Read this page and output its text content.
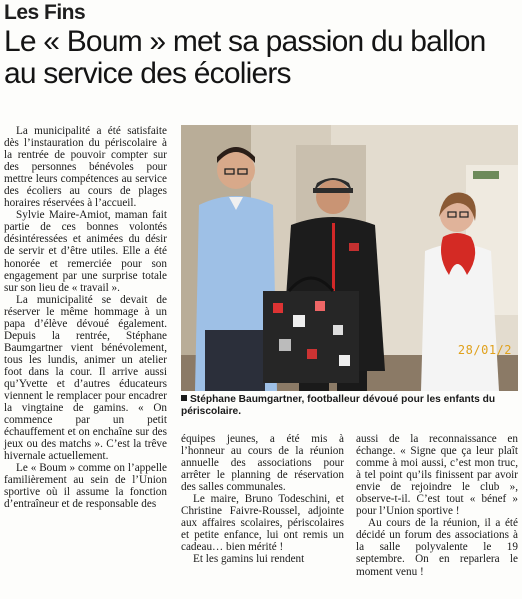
Les Fins
Le « Boum » met sa passion du ballon au service des écoliers

La municipalité a été satisfaite dès l’instauration du périscolaire à la rentrée de pouvoir compter sur des personnes bénévoles pour mettre leurs compétences au service des écoliers au cours de plages horaires réservées à l’accueil.

Sylvie Maire-Amiot, maman fait partie de ces bonnes volontés désintéressées et animées du désir de servir et d’être utiles. Elle a été honorée et remerciée pour son engagement par une surprise totale sur son lieu de « travail ».

La municipalité se devait de réserver le même hommage à un papa d’élève dévoué également. Depuis la rentrée, Stéphane Baumgartner vient bénévolement, tous les lundis, animer un atelier foot dans la cour. Il arrive aussi qu’Yvette et d’autres éducateurs viennent le remplacer pour encadrer la vingtaine de gamins. « On commence par un petit échauffement et on enchaîne sur des jeux ou des matchs ». C’est la trêve hivernale actuellement.

Le « Boum » comme on l’appelle familièrement au sein de l’Union sportive où il assume la fonction d’entraîneur et de responsable des

28/01/2
Stéphane Baumgartner, footballeur dévoué pour les enfants du périscolaire.

équipes jeunes, a été mis à l’honneur au cours de la réunion annuelle des associations pour arrêter le planning de réservation des salles communales.

Le maire, Bruno Todeschini, et Christine Faivre-Roussel, adjointe aux affaires scolaires, périscolaires et petite enfance, lui ont remis un cadeau… bien mérité !

Et les gamins lui rendent

aussi de la reconnaissance en échange. « Signe que ça leur plaît comme à moi aussi, c’est mon truc, à tel point qu’ils finissent par avoir envie de rejoindre le club », observe-t-il. C’est tout « bénef » pour l’Union sportive !

Au cours de la réunion, il a été décidé un forum des associations à la salle polyvalente le 19 septembre. On en reparlera le moment venu !
